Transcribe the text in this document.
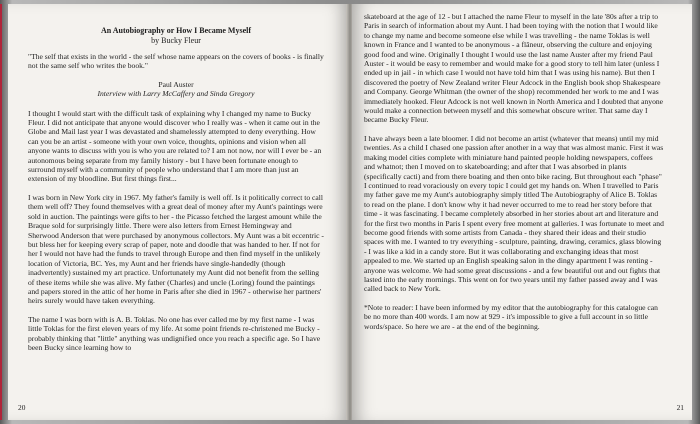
An Autobiography or How I Became Myself
by Bucky Fleur

"The self that exists in the world - the self whose name appears on the covers of books - is finally not the same self who writes the book."

Paul Auster
Interview with Larry McCaffery and Sinda Gregory

I thought I would start with the difficult task of explaining why I changed my name to Bucky Fleur. I did not anticipate that anyone would discover who I really was - when it came out in the Globe and Mail last year I was devastated and shamelessly attempted to deny everything. How can you be an artist - someone with your own voice, thoughts, opinions and vision when all anyone wants to discuss with you is who you are related to? I am not now, nor will I ever be - an autonomous being separate from my family history - but I have been fortunate enough to surround myself with a community of people who understand that I am more than just an extension of my bloodline. But first things first...

I was born in New York city in 1967. My father's family is well off. Is it politically correct to call them well off? They found themselves with a great deal of money after my Aunt's paintings were sold in auction. The paintings were gifts to her - the Picasso fetched the largest amount while the Braque sold for surprisingly little. There were also letters from Ernest Hemingway and Sherwood Anderson that were purchased by anonymous collectors. My Aunt was a bit eccentric - but bless her for keeping every scrap of paper, note and doodle that was handed to her. If not for her I would not have had the funds to travel through Europe and then find myself in the unlikely location of Victoria, BC. Yes, my Aunt and her friends have single-handedly (though inadvertently) sustained my art practice. Unfortunately my Aunt did not benefit from the selling of these items while she was alive. My father (Charles) and uncle (Loring) found the paintings and papers stored in the attic of her home in Paris after she died in 1967 - otherwise her partners' heirs surely would have taken everything.

The name I was born with is A. B. Toklas. No one has ever called me by my first name - I was little Toklas for the first eleven years of my life. At some point friends re-christened me Bucky - probably thinking that "little" anything was undignified once you reach a specific age. So I have been Bucky since learning how to

20

skateboard at the age of 12 - but I attached the name Fleur to myself in the late '80s after a trip to Paris in search of information about my Aunt. I had been toying with the notion that I would like to change my name and become someone else while I was travelling - the name Toklas is well known in France and I wanted to be anonymous - a flâneur, observing the culture and enjoying good food and wine. Originally I thought I would use the last name Auster after my friend Paul Auster - it would be easy to remember and would make for a good story to tell him later (unless I ended up in jail - in which case I would not have told him that I was using his name). But then I discovered the poetry of New Zealand writer Fleur Adcock in the English book shop Shakespeare and Company. George Whitman (the owner of the shop) recommended her work to me and I was immediately hooked. Fleur Adcock is not well known in North America and I doubted that anyone would make a connection between myself and this somewhat obscure writer. That same day I became Bucky Fleur.

I have always been a late bloomer. I did not become an artist (whatever that means) until my mid twenties. As a child I chased one passion after another in a way that was almost manic. First it was making model cities complete with miniature hand painted people holding newspapers, coffees and whatnot; then I moved on to skateboarding; and after that I was absorbed in plants (specifically cacti) and from there boating and then onto bike racing. But throughout each "phase" I continued to read voraciously on every topic I could get my hands on. When I travelled to Paris my father gave me my Aunt's autobiography simply titled The Autobiography of Alice B. Toklas to read on the plane. I don't know why it had never occurred to me to read her story before that time - it was fascinating. I became completely absorbed in her stories about art and literature and for the first two months in Paris I spent every free moment at galleries. I was fortunate to meet and become good friends with some artists from Canada - they shared their ideas and their studio spaces with me. I wanted to try everything - sculpture, painting, drawing, ceramics, glass blowing - I was like a kid in a candy store. But it was collaborating and exchanging ideas that most appealed to me. We started up an English speaking salon in the dingy apartment I was renting - anyone was welcome. We had some great discussions - and a few beautiful out and out fights that lasted into the early mornings. This went on for two years until my father passed away and I was called back to New York.

*Note to reader: I have been informed by my editor that the autobiography for this catalogue can be no more than 400 words. I am now at 929 - it's impossible to give a full account in so little words/space. So here we are - at the end of the beginning.

21
